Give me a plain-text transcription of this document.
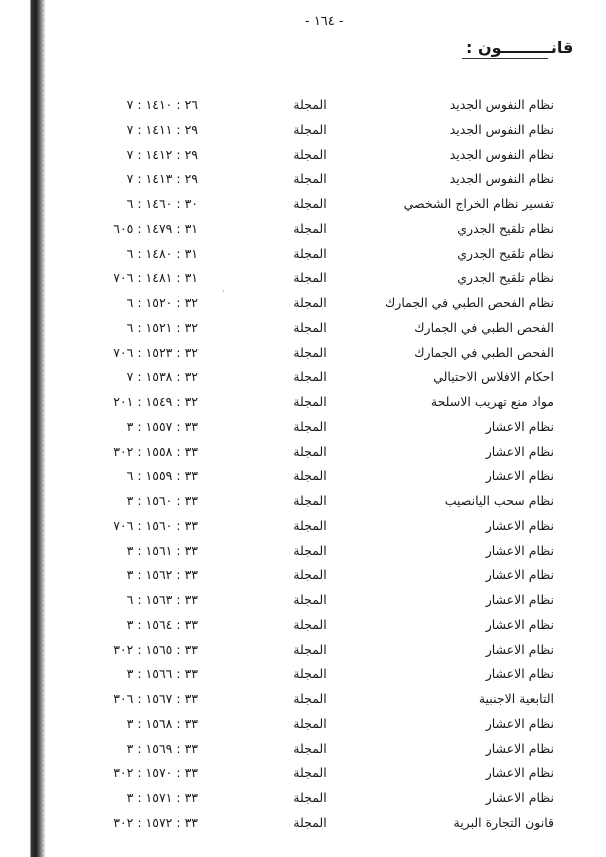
- ١٦٤ -
قانـــــــــون :
نظام النفوس الجديد
المجلة
٢٦ : ١٤١٠ : ٧
نظام النفوس الجديد
المجلة
٢٩ : ١٤١١ : ٧
نظام النفوس الجديد
المجلة
٢٩ : ١٤١٢ : ٧
نظام النفوس الجديد
المجلة
٢٩ : ١٤١٣ : ٧
تفسير نظام الخراج الشخصي
المجلة
٣٠ : ١٤٦٠ : ٦
نظام تلقيح الجدري
المجلة
٣١ : ١٤٧٩ : ٦٠٥
نظام تلقيح الجدري
المجلة
٣١ : ١٤٨٠ : ٦
نظام تلقيح الجدري
المجلة
٣١ : ١٤٨١ : ٧٠٦
نظام الفحص الطبي في الجمارك
المجلة
٣٢ : ١٥٢٠ : ٦
الفحص الطبي في الجمارك
المجلة
٣٢ : ١٥٢١ : ٦
الفحص الطبي في الجمارك
المجلة
٣٢ : ١٥٢٣ : ٧٠٦
احكام الافلاس الاحتيالي
المجلة
٣٢ : ١٥٣٨ : ٧
مواد منع تهريب الاسلحة
المجلة
٣٢ : ١٥٤٩ : ٢٠١
نظام الاعشار
المجلة
٣٣ : ١٥٥٧ : ٣
نظام الاعشار
المجلة
٣٣ : ١٥٥٨ : ٣٠٢
نظام الاعشار
المجلة
٣٣ : ١٥٥٩ : ٦
نظام سحب اليانصيب
المجلة
٣٣ : ١٥٦٠ : ٣
نظام الاعشار
المجلة
٣٣ : ١٥٦٠ : ٧٠٦
نظام الاعشار
المجلة
٣٣ : ١٥٦١ : ٣
نظام الاعشار
المجلة
٣٣ : ١٥٦٢ : ٣
نظام الاعشار
المجلة
٣٣ : ١٥٦٣ : ٦
نظام الاعشار
المجلة
٣٣ : ١٥٦٤ : ٣
نظام الاعشار
المجلة
٣٣ : ١٥٦٥ : ٣٠٢
نظام الاعشار
المجلة
٣٣ : ١٥٦٦ : ٣
التابعية الاجنبية
المجلة
٣٣ : ١٥٦٧ : ٣٠٦
نظام الاعشار
المجلة
٣٣ : ١٥٦٨ : ٣
نظام الاعشار
المجلة
٣٣ : ١٥٦٩ : ٣
نظام الاعشار
المجلة
٣٣ : ١٥٧٠ : ٣٠٢
نظام الاعشار
المجلة
٣٣ : ١٥٧١ : ٣
قانون التجارة البرية
المجلة
٣٣ : ١٥٧٢ : ٣٠٢
·
